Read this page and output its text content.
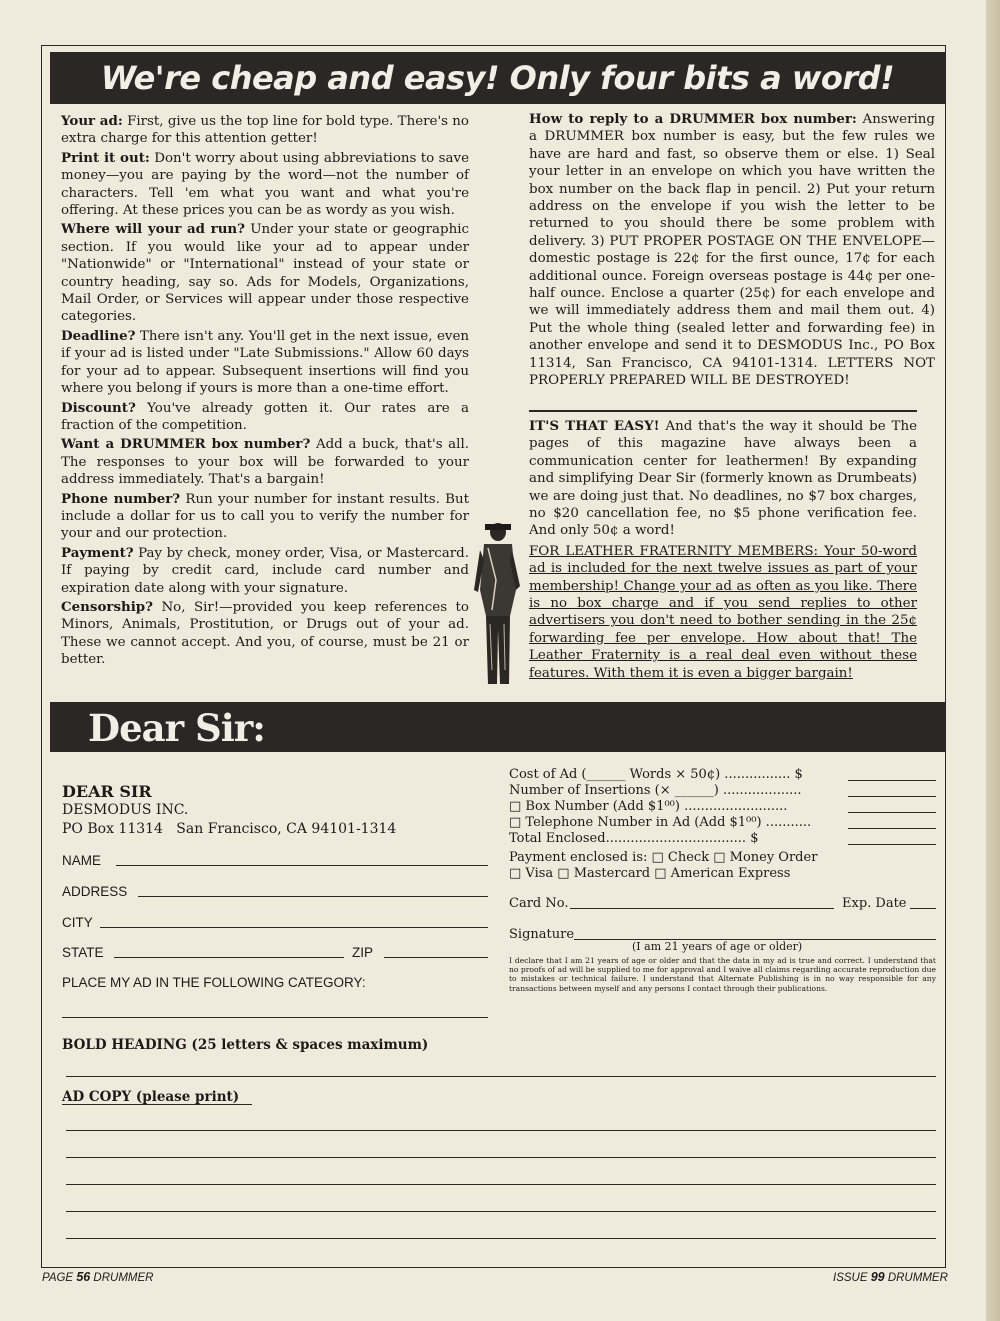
We're cheap and easy! Only four bits a word!

Your ad: First, give us the top line for bold type. There's no extra charge for this attention getter!

Print it out: Don't worry about using abbreviations to save money—you are paying by the word—not the number of characters. Tell 'em what you want and what you're offering. At these prices you can be as wordy as you wish.

Where will your ad run? Under your state or geographic section. If you would like your ad to appear under "Nationwide" or "International" instead of your state or country heading, say so. Ads for Models, Organizations, Mail Order, or Services will appear under those respective categories.

Deadline? There isn't any. You'll get in the next issue, even if your ad is listed under "Late Submissions." Allow 60 days for your ad to appear. Subsequent insertions will find you where you belong if yours is more than a one-time effort.

Discount? You've already gotten it. Our rates are a fraction of the competition.

Want a DRUMMER box number? Add a buck, that's all. The responses to your box will be forwarded to your address immediately. That's a bargain!

Phone number? Run your number for instant results. But include a dollar for us to call you to verify the number for your and our protection.

Payment? Pay by check, money order, Visa, or Mastercard. If paying by credit card, include card number and expiration date along with your signature.

Censorship? No, Sir!—provided you keep references to Minors, Animals, Prostitution, or Drugs out of your ad. These we cannot accept. And you, of course, must be 21 or better.

How to reply to a DRUMMER box number: Answering a DRUMMER box number is easy, but the few rules we have are hard and fast, so observe them or else. 1) Seal your letter in an envelope on which you have written the box number on the back flap in pencil. 2) Put your return address on the envelope if you wish the letter to be returned to you should there be some problem with delivery. 3) PUT PROPER POSTAGE ON THE ENVELOPE—domestic postage is 22¢ for the first ounce, 17¢ for each additional ounce. Foreign overseas postage is 44¢ per one-half ounce. Enclose a quarter (25¢) for each envelope and we will immediately address them and mail them out. 4) Put the whole thing (sealed letter and forwarding fee) in another envelope and send it to DESMODUS Inc., PO Box 11314, San Francisco, CA 94101-1314. LETTERS NOT PROPERLY PREPARED WILL BE DESTROYED!

IT'S THAT EASY! And that's the way it should be The pages of this magazine have always been a communication center for leathermen! By expanding and simplifying Dear Sir (formerly known as Drumbeats) we are doing just that. No deadlines, no $7 box charges, no $20 cancellation fee, no $5 phone verification fee. And only 50¢ a word!

FOR LEATHER FRATERNITY MEMBERS: Your 50-word ad is included for the next twelve issues as part of your membership! Change your ad as often as you like. There is no box charge and if you send replies to other advertisers you don't need to bother sending in the 25¢ forwarding fee per envelope. How about that! The Leather Fraternity is a real deal even without these features. With them it is even a bigger bargain!

Dear Sir:
DEAR SIR
DESMODUS INC.
PO Box 11314   San Francisco, CA 94101-1314
NAME
ADDRESS
CITY
STATE	ZIP
PLACE MY AD IN THE FOLLOWING CATEGORY:
BOLD HEADING (25 letters & spaces maximum)
AD COPY (please print)
Cost of Ad (______ Words × 50¢) ................ $
Number of Insertions (× ______) ...................
□ Box Number (Add $1⁰⁰) .........................
□ Telephone Number in Ad (Add $1⁰⁰) ...........
Total Enclosed.................................. $
Payment enclosed is: □ Check □ Money Order
□ Visa □ Mastercard □ American Express
Card No.	Exp. Date
Signature
(I am 21 years of age or older)
I declare that I am 21 years of age or older and that the data in my ad is true and correct. I understand that no proofs of ad will be supplied to me for approval and I waive all claims regarding accurate reproduction due to mistakes or technical failure. I understand that Alternate Publishing is in no way responsible for any transactions between myself and any persons I contact through their publications.
PAGE 56 DRUMMER	ISSUE 99 DRUMMER
